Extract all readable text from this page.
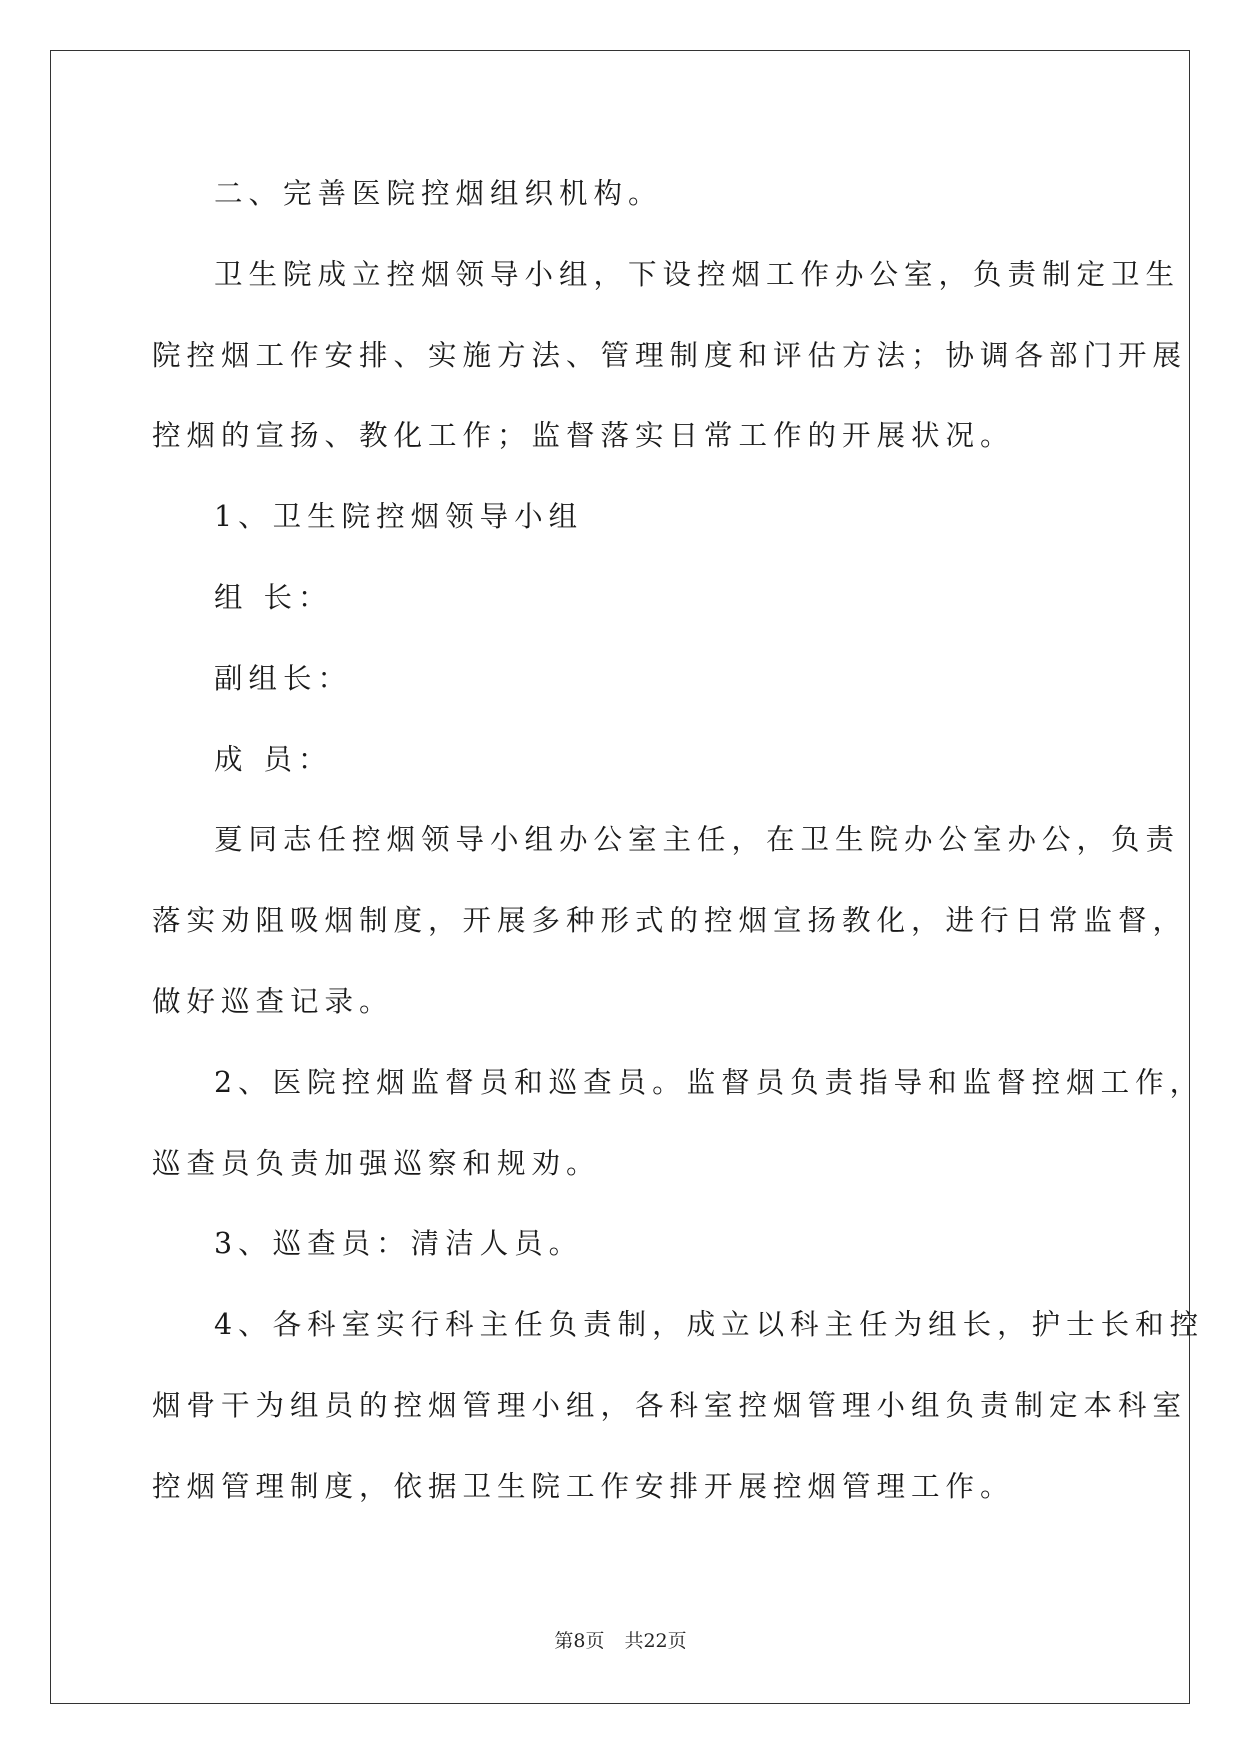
二、完善医院控烟组织机构。
卫生院成立控烟领导小组，下设控烟工作办公室，负责制定卫生
院控烟工作安排、实施方法、管理制度和评估方法；协调各部门开展
控烟的宣扬、教化工作；监督落实日常工作的开展状况。
1、卫生院控烟领导小组
组 长：
副组长：
成 员：
夏同志任控烟领导小组办公室主任，在卫生院办公室办公，负责
落实劝阻吸烟制度，开展多种形式的控烟宣扬教化，进行日常监督，
做好巡查记录。
2、医院控烟监督员和巡查员。监督员负责指导和监督控烟工作，
巡查员负责加强巡察和规劝。
3、巡查员：清洁人员。
4、各科室实行科主任负责制，成立以科主任为组长，护士长和控
烟骨干为组员的控烟管理小组，各科室控烟管理小组负责制定本科室
控烟管理制度，依据卫生院工作安排开展控烟管理工作。
第8页 共22页
